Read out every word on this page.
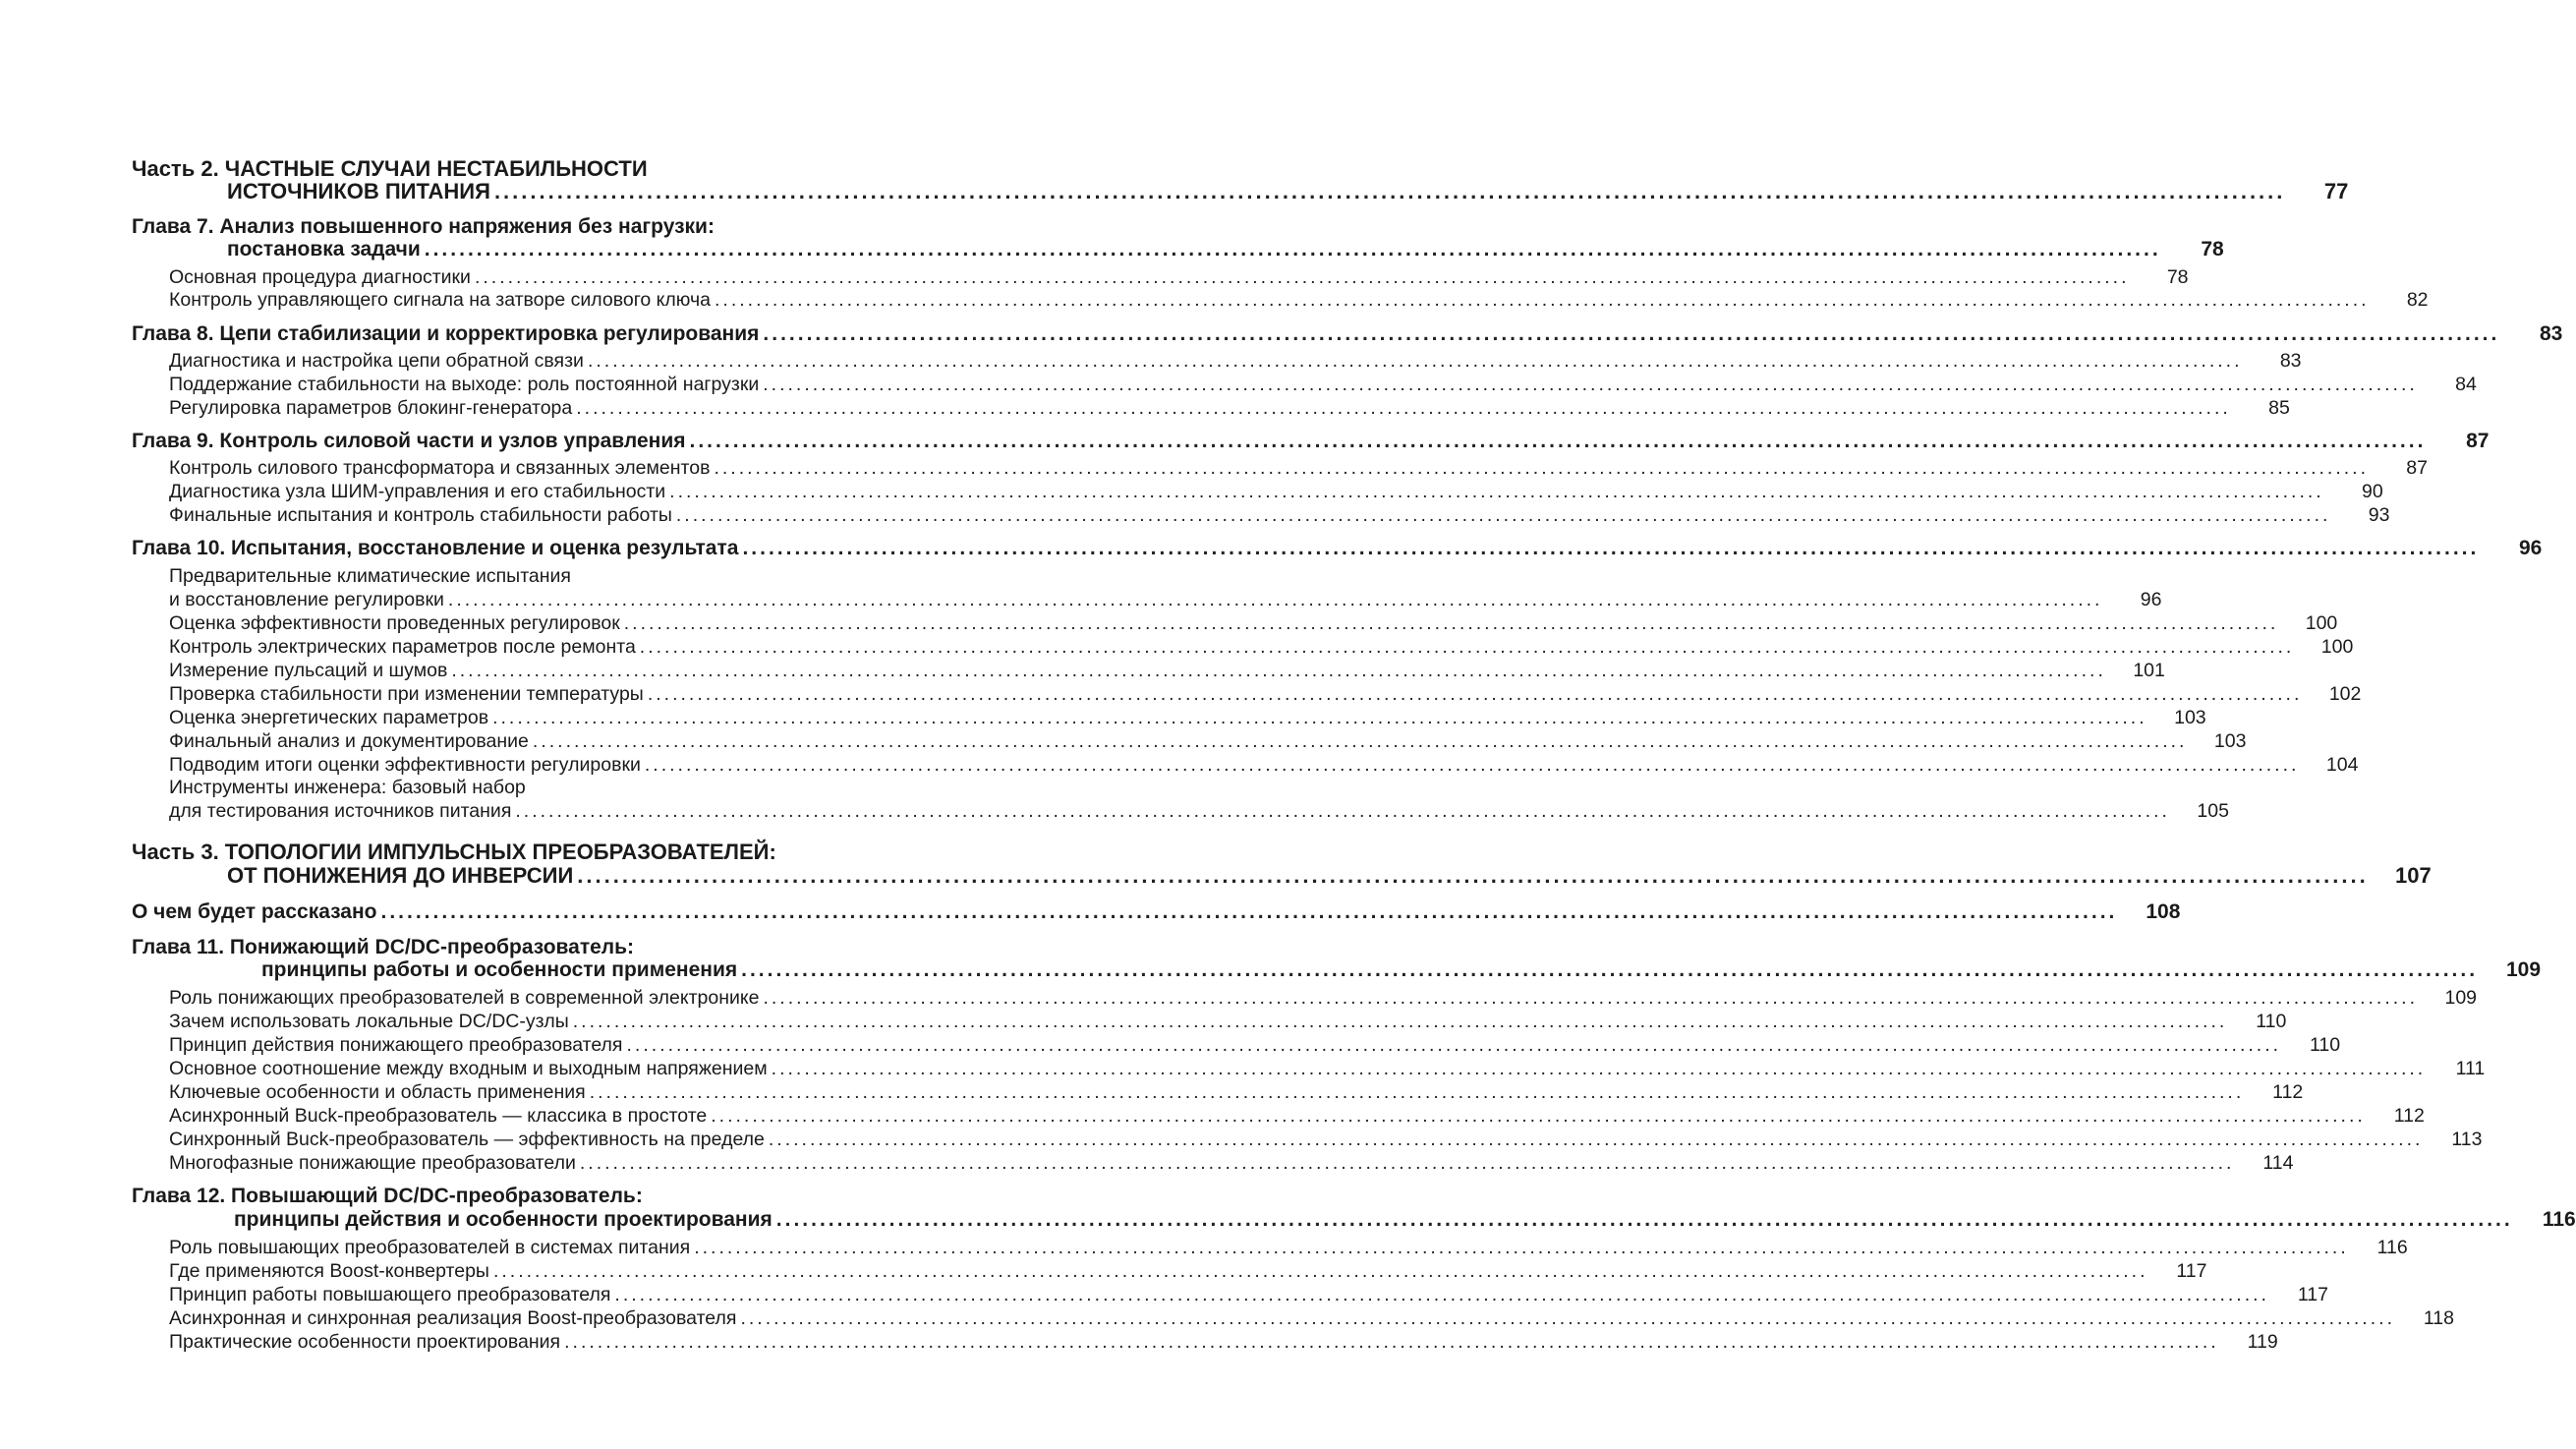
Часть 2. ЧАСТНЫЕ СЛУЧАИ НЕСТАБИЛЬНОСТИ
ИСТОЧНИКОВ ПИТАНИЯ ........................................................................................................................................................................................................	77
Глава 7. Анализ повышенного напряжения без нагрузки:
постановка задачи ........................................................................................................................................................................................................	78
Основная процедура диагностики ........................................................................................................................................................................................................	78
Контроль управляющего сигнала на затворе силового ключа ........................................................................................................................................................................................................	82
Глава 8. Цепи стабилизации и корректировка регулирования ........................................................................................................................................................................................................	83
Диагностика и настройка цепи обратной связи ........................................................................................................................................................................................................	83
Поддержание стабильности на выходе: роль постоянной нагрузки ........................................................................................................................................................................................................	84
Регулировка параметров блокинг-генератора ........................................................................................................................................................................................................	85
Глава 9. Контроль силовой части и узлов управления ........................................................................................................................................................................................................	87
Контроль силового трансформатора и связанных элементов ........................................................................................................................................................................................................	87
Диагностика узла ШИМ-управления и его стабильности ........................................................................................................................................................................................................	90
Финальные испытания и контроль стабильности работы ........................................................................................................................................................................................................	93
Глава 10. Испытания, восстановление и оценка результата ........................................................................................................................................................................................................	96
Предварительные климатические испытания
и восстановление регулировки ........................................................................................................................................................................................................	96
Оценка эффективности проведенных регулировок ........................................................................................................................................................................................................	100
Контроль электрических параметров после ремонта ........................................................................................................................................................................................................	100
Измерение пульсаций и шумов ........................................................................................................................................................................................................	101
Проверка стабильности при изменении температуры ........................................................................................................................................................................................................	102
Оценка энергетических параметров ........................................................................................................................................................................................................	103
Финальный анализ и документирование ........................................................................................................................................................................................................	103
Подводим итоги оценки эффективности регулировки ........................................................................................................................................................................................................	104
Инструменты инженера: базовый набор
для тестирования источников питания ........................................................................................................................................................................................................	105
Часть 3. ТОПОЛОГИИ ИМПУЛЬСНЫХ ПРЕОБРАЗОВАТЕЛЕЙ:
ОТ ПОНИЖЕНИЯ ДО ИНВЕРСИИ ........................................................................................................................................................................................................	107
О чем будет рассказано ........................................................................................................................................................................................................	108
Глава 11. Понижающий DC/DC-преобразователь:
принципы работы и особенности применения ........................................................................................................................................................................................................	109
Роль понижающих преобразователей в современной электронике ........................................................................................................................................................................................................	109
Зачем использовать локальные DC/DC-узлы ........................................................................................................................................................................................................	110
Принцип действия понижающего преобразователя ........................................................................................................................................................................................................	110
Основное соотношение между входным и выходным напряжением ........................................................................................................................................................................................................	111
Ключевые особенности и область применения ........................................................................................................................................................................................................	112
Асинхронный Buck-преобразователь — классика в простоте ........................................................................................................................................................................................................	112
Синхронный Buck-преобразователь — эффективность на пределе ........................................................................................................................................................................................................	113
Многофазные понижающие преобразователи ........................................................................................................................................................................................................	114
Глава 12. Повышающий DC/DC-преобразователь:
принципы действия и особенности проектирования ........................................................................................................................................................................................................	116
Роль повышающих преобразователей в системах питания ........................................................................................................................................................................................................	116
Где применяются Boost-конвертеры ........................................................................................................................................................................................................	117
Принцип работы повышающего преобразователя ........................................................................................................................................................................................................	117
Асинхронная и синхронная реализация Boost-преобразователя ........................................................................................................................................................................................................	118
Практические особенности проектирования ........................................................................................................................................................................................................	119
